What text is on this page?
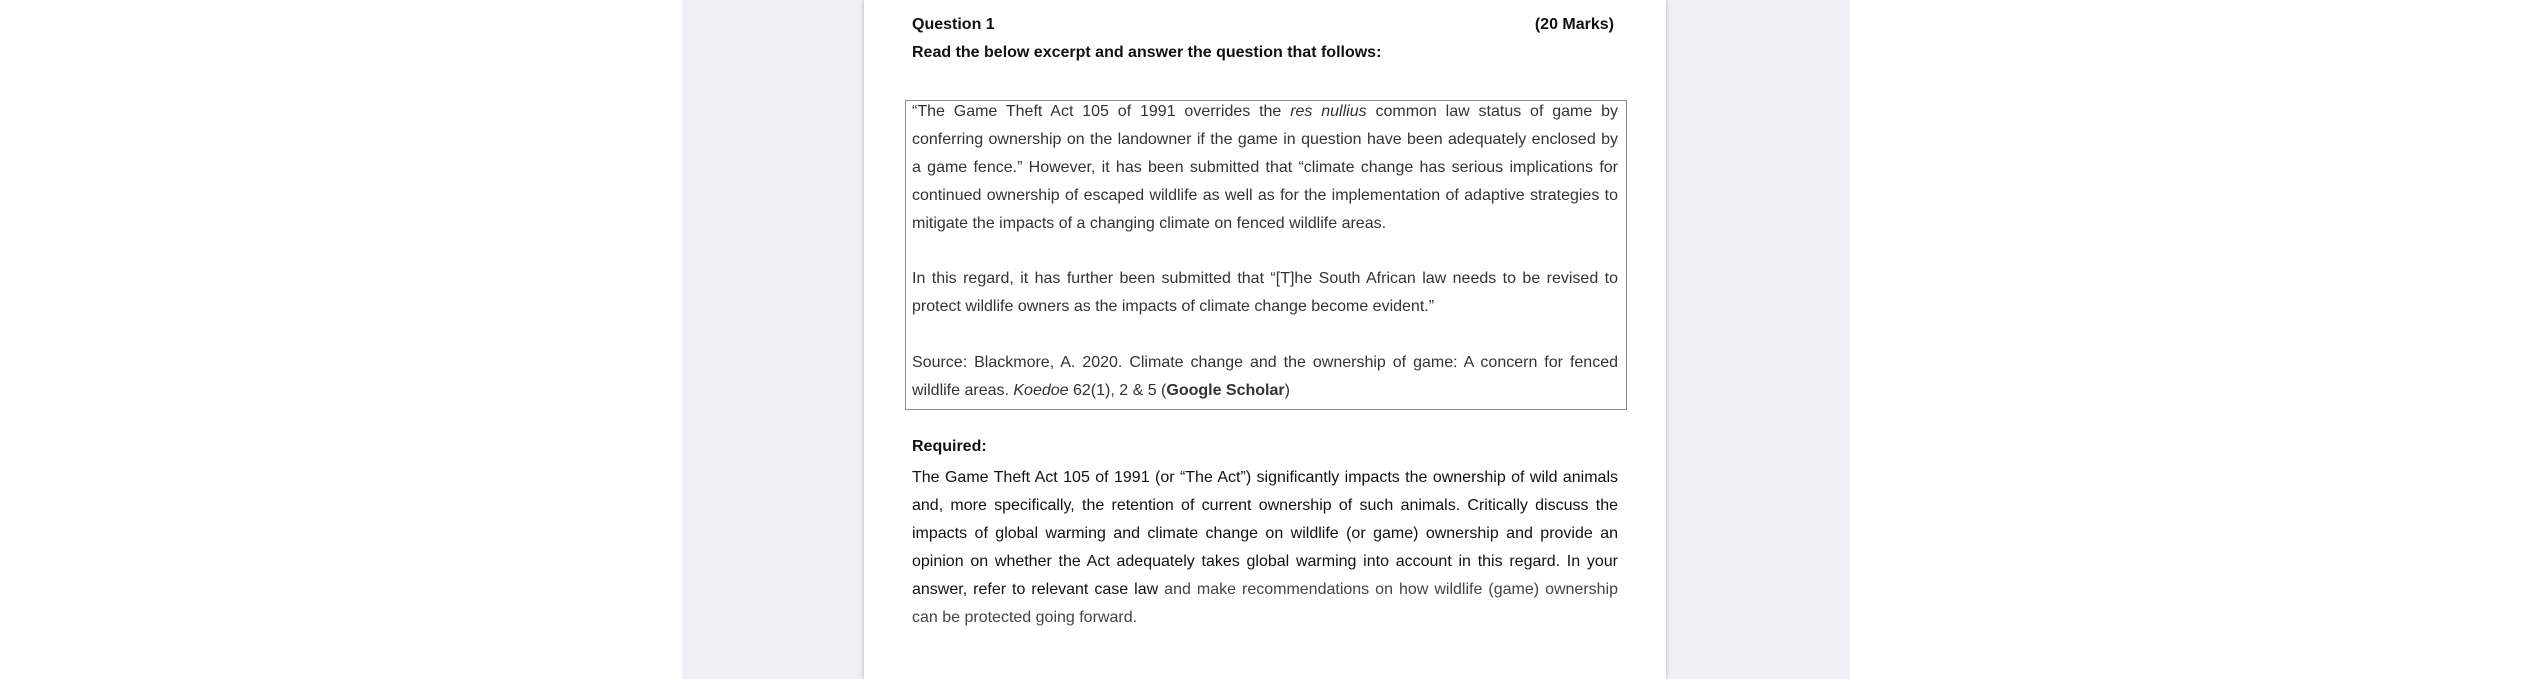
Question 1	(20 Marks)
Read the below excerpt and answer the question that follows:
“The Game Theft Act 105 of 1991 overrides the res nullius common law status of game by conferring ownership on the landowner if the game in question have been adequately enclosed by a game fence.” However, it has been submitted that “climate change has serious implications for continued ownership of escaped wildlife as well as for the implementation of adaptive strategies to mitigate the impacts of a changing climate on fenced wildlife areas.
In this regard, it has further been submitted that “[T]he South African law needs to be revised to protect wildlife owners as the impacts of climate change become evident.”
Source: Blackmore, A. 2020. Climate change and the ownership of game: A concern for fenced wildlife areas. Koedoe 62(1), 2 & 5 (Google Scholar)
Required:
The Game Theft Act 105 of 1991 (or “The Act”) significantly impacts the ownership of wild animals and, more specifically, the retention of current ownership of such animals. Critically discuss the impacts of global warming and climate change on wildlife (or game) ownership and provide an opinion on whether the Act adequately takes global warming into account in this regard. In your answer, refer to relevant case law and make recommendations on how wildlife (game) ownership can be protected going forward.
